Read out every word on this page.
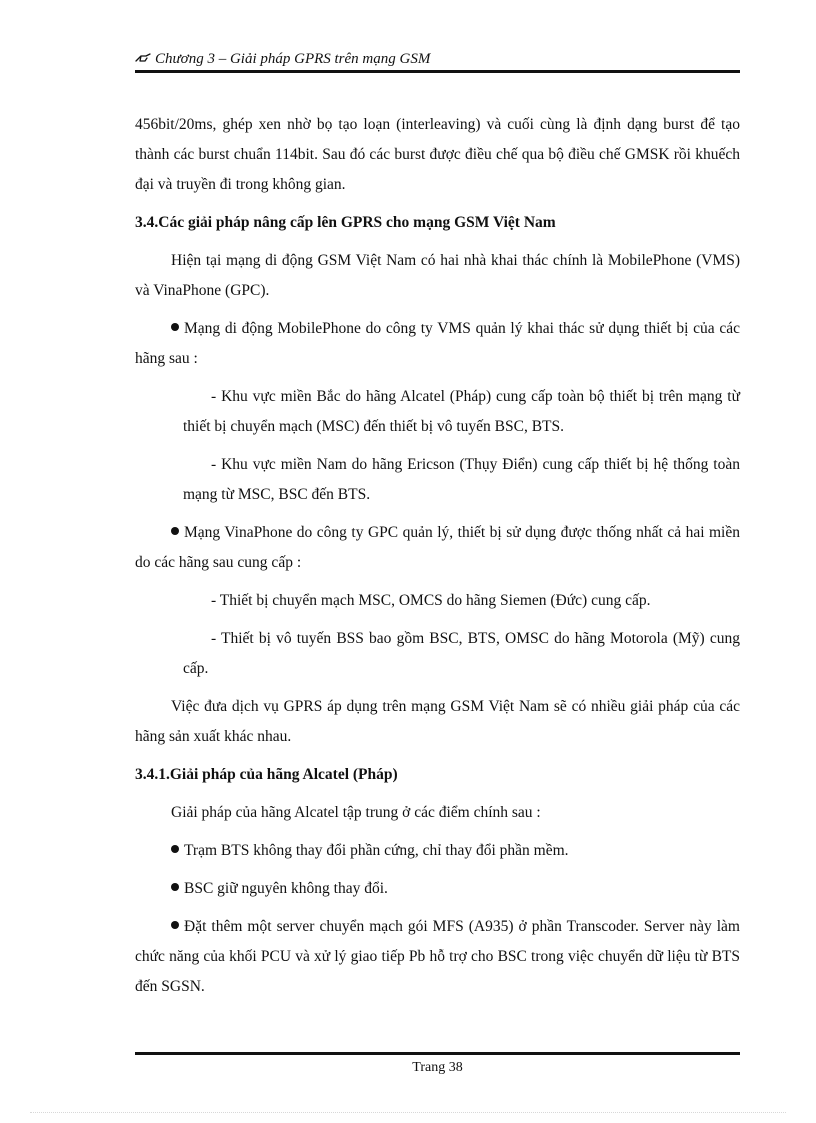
Chương 3 – Giải pháp GPRS trên mạng GSM

456bit/20ms, ghép xen nhờ bọ tạo loạn (interleaving) và cuối cùng là định dạng burst để tạo thành các burst chuẩn 114bit. Sau đó các burst được điều chế qua bộ điều chế GMSK rồi khuếch đại và truyền đi trong không gian.

3.4.Các giải pháp nâng cấp lên GPRS cho mạng GSM Việt Nam

Hiện tại mạng di động GSM Việt Nam có hai nhà khai thác chính là MobilePhone (VMS) và VinaPhone (GPC).

Mạng di động MobilePhone do công ty VMS quản lý khai thác sử dụng thiết bị của các hãng sau :

- Khu vực miền Bắc do hãng Alcatel (Pháp) cung cấp toàn bộ thiết bị trên mạng từ thiết bị chuyển mạch (MSC) đến thiết bị vô tuyến BSC, BTS.

- Khu vực miền Nam do hãng Ericson (Thụy Điển) cung cấp thiết bị hệ thống toàn mạng từ MSC, BSC đến BTS.

Mạng VinaPhone do công ty GPC quản lý, thiết bị sử dụng được thống nhất cả hai miền do các hãng sau cung cấp :

- Thiết bị chuyển mạch MSC, OMCS do hãng Siemen (Đức) cung cấp.

- Thiết bị vô tuyến BSS bao gồm BSC, BTS, OMSC do hãng Motorola (Mỹ) cung cấp.

Việc đưa dịch vụ GPRS áp dụng trên mạng GSM Việt Nam sẽ có nhiều giải pháp của các hãng sản xuất khác nhau.

3.4.1.Giải pháp của hãng Alcatel (Pháp)

Giải pháp của hãng Alcatel tập trung ở các điểm chính sau :

Trạm BTS không thay đổi phần cứng, chỉ thay đổi phần mềm.

BSC giữ nguyên không thay đổi.

Đặt thêm một server chuyển mạch gói MFS (A935) ở phần Transcoder. Server này làm chức năng của khối PCU và xử lý giao tiếp Pb hỗ trợ cho BSC trong việc chuyển dữ liệu từ BTS đến SGSN.

Trang 38
